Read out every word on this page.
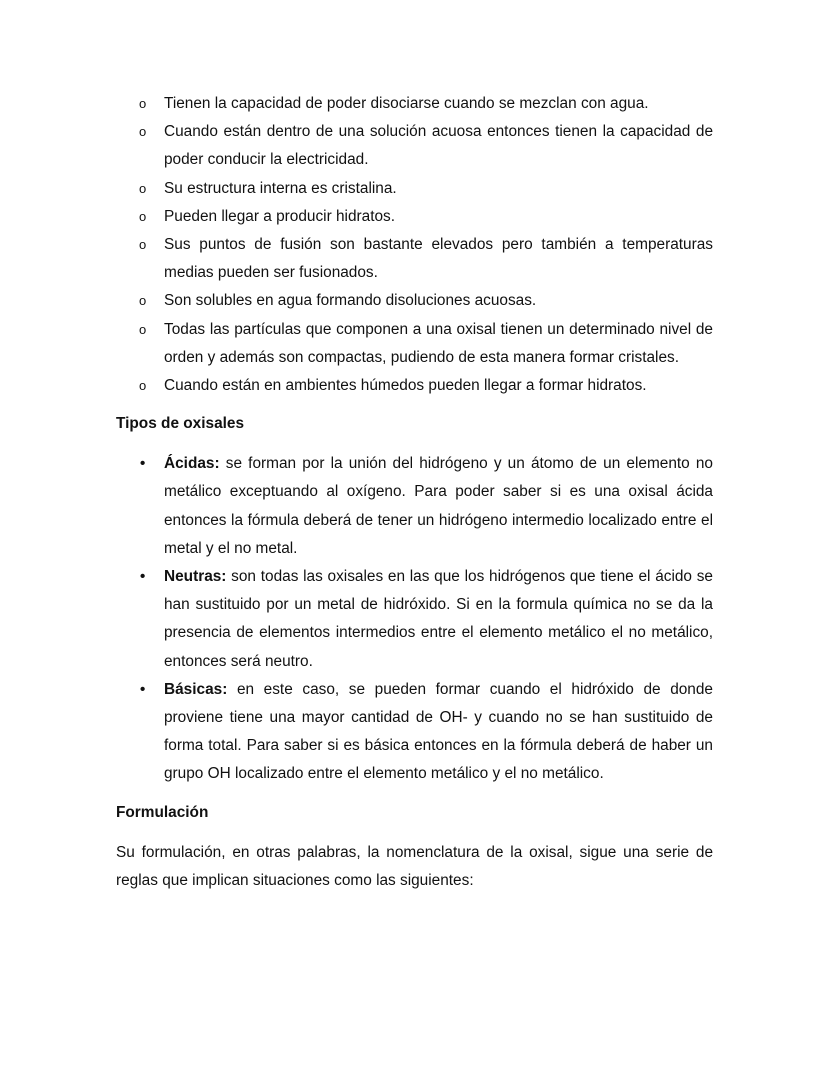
o Tienen la capacidad de poder disociarse cuando se mezclan con agua.
o Cuando están dentro de una solución acuosa entonces tienen la capacidad de poder conducir la electricidad.
o Su estructura interna es cristalina.
o Pueden llegar a producir hidratos.
o Sus puntos de fusión son bastante elevados pero también a temperaturas medias pueden ser fusionados.
o Son solubles en agua formando disoluciones acuosas.
o Todas las partículas que componen a una oxisal tienen un determinado nivel de orden y además son compactas, pudiendo de esta manera formar cristales.
o Cuando están en ambientes húmedos pueden llegar a formar hidratos.
Tipos de oxisales
• Ácidas: se forman por la unión del hidrógeno y un átomo de un elemento no metálico exceptuando al oxígeno. Para poder saber si es una oxisal ácida entonces la fórmula deberá de tener un hidrógeno intermedio localizado entre el metal y el no metal.
• Neutras: son todas las oxisales en las que los hidrógenos que tiene el ácido se han sustituido por un metal de hidróxido. Si en la formula química no se da la presencia de elementos intermedios entre el elemento metálico el no metálico, entonces será neutro.
• Básicas: en este caso, se pueden formar cuando el hidróxido de donde proviene tiene una mayor cantidad de OH- y cuando no se han sustituido de forma total. Para saber si es básica entonces en la fórmula deberá de haber un grupo OH localizado entre el elemento metálico y el no metálico.
Formulación

Su formulación, en otras palabras, la nomenclatura de la oxisal, sigue una serie de reglas que implican situaciones como las siguientes:
